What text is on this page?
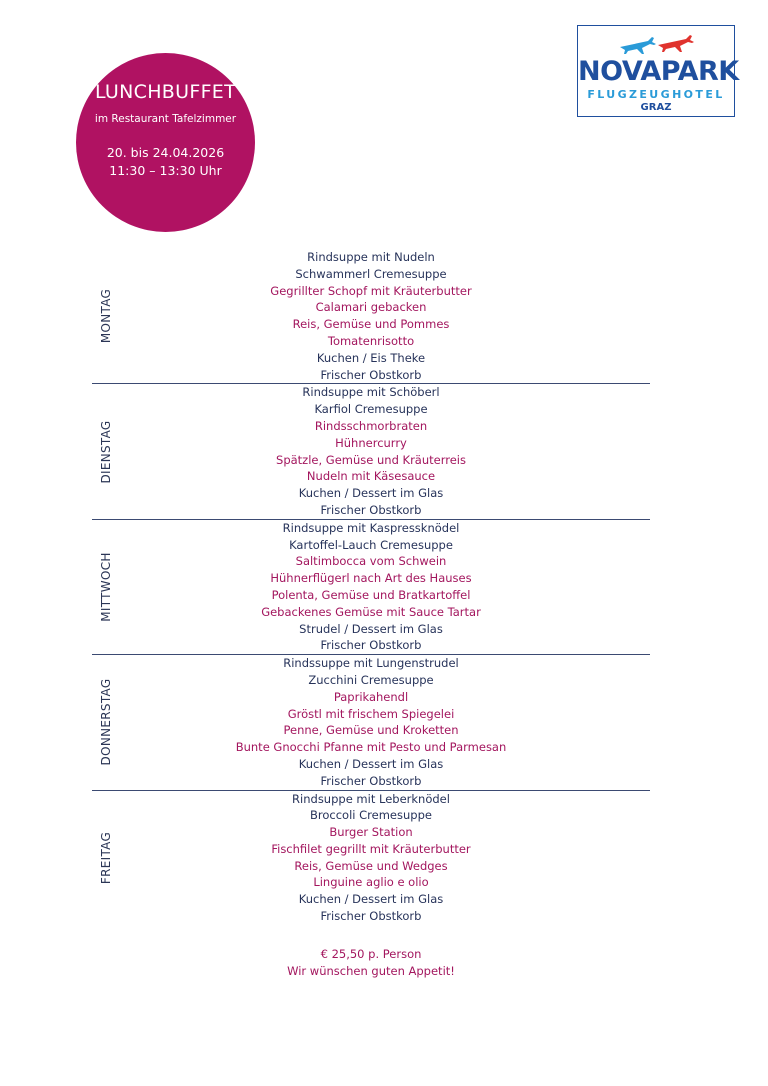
LUNCHBUFFET
im Restaurant Tafelzimmer
20. bis 24.04.2026
11:30 – 13:30 Uhr
NOVAPARK
FLUGZEUGHOTEL
GRAZ
MONTAG
Rindsuppe mit Nudeln
Schwammerl Cremesuppe
Gegrillter Schopf mit Kräuterbutter
Calamari gebacken
Reis, Gemüse und Pommes
Tomatenrisotto
Kuchen / Eis Theke
Frischer Obstkorb
DIENSTAG
Rindsuppe mit Schöberl
Karfiol Cremesuppe
Rindsschmorbraten
Hühnercurry
Spätzle, Gemüse und Kräuterreis
Nudeln mit Käsesauce
Kuchen / Dessert im Glas
Frischer Obstkorb
MITTWOCH
Rindsuppe mit Kaspressknödel
Kartoffel-Lauch Cremesuppe
Saltimbocca vom Schwein
Hühnerflügerl nach Art des Hauses
Polenta, Gemüse und Bratkartoffel
Gebackenes Gemüse mit Sauce Tartar
Strudel / Dessert im Glas
Frischer Obstkorb
DONNERSTAG
Rindssuppe mit Lungenstrudel
Zucchini Cremesuppe
Paprikahendl
Gröstl mit frischem Spiegelei
Penne, Gemüse und Kroketten
Bunte Gnocchi Pfanne mit Pesto und Parmesan
Kuchen / Dessert im Glas
Frischer Obstkorb
FREITAG
Rindsuppe mit Leberknödel
Broccoli Cremesuppe
Burger Station
Fischfilet gegrillt mit Kräuterbutter
Reis, Gemüse und Wedges
Linguine aglio e olio
Kuchen / Dessert im Glas
Frischer Obstkorb
€ 25,50 p. Person
Wir wünschen guten Appetit!
